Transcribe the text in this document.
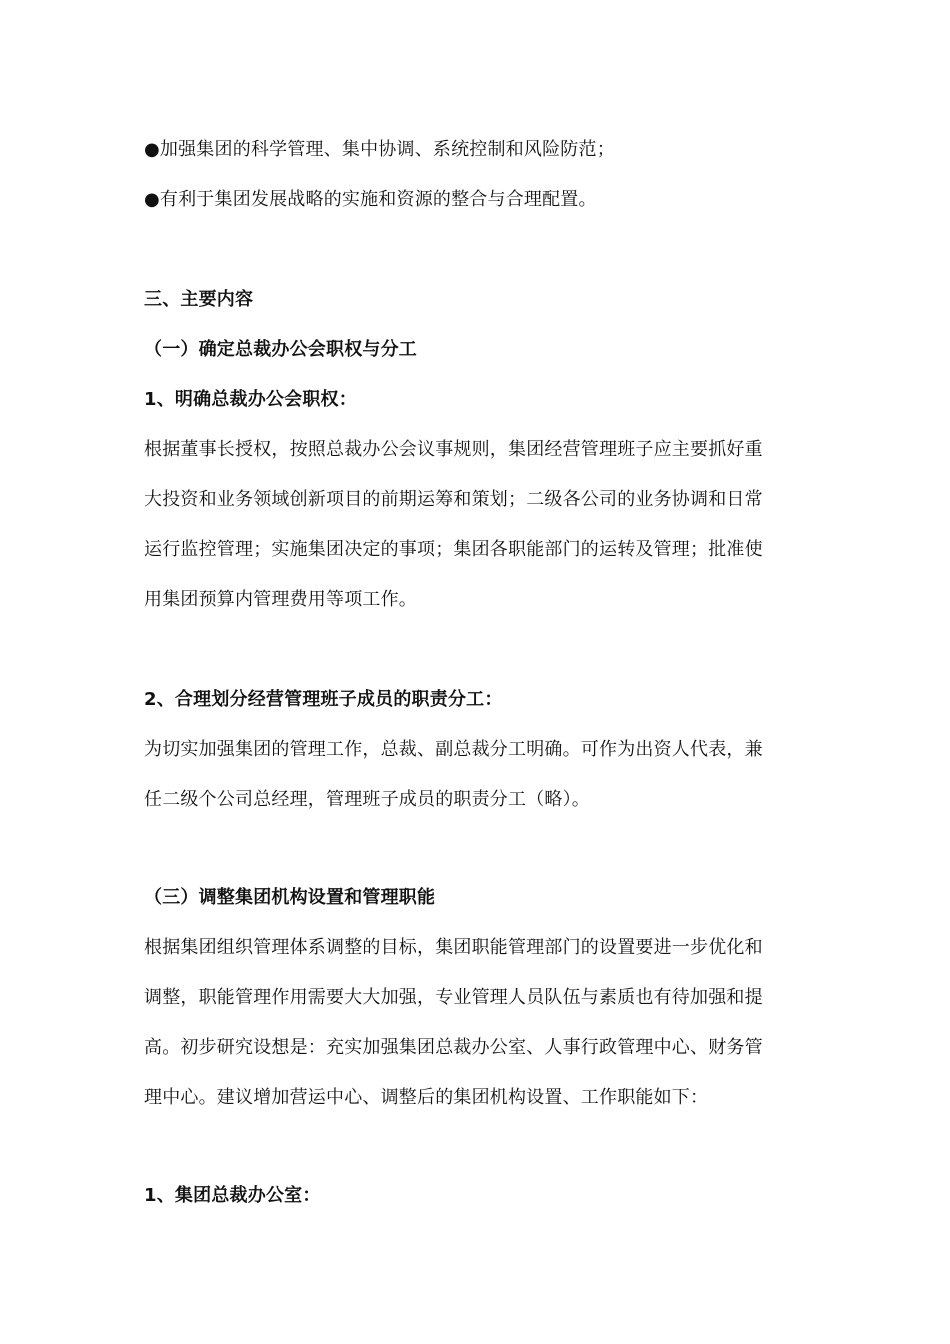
●加强集团的科学管理、集中协调、系统控制和风险防范；
●有利于集团发展战略的实施和资源的整合与合理配置。
三、主要内容
（一）确定总裁办公会职权与分工
1、明确总裁办公会职权：
根据董事长授权，按照总裁办公会议事规则，集团经营管理班子应主要抓好重
大投资和业务领域创新项目的前期运筹和策划；二级各公司的业务协调和日常
运行监控管理；实施集团决定的事项；集团各职能部门的运转及管理；批准使
用集团预算内管理费用等项工作。
2、合理划分经营管理班子成员的职责分工：
为切实加强集团的管理工作，总裁、副总裁分工明确。可作为出资人代表，兼
任二级个公司总经理，管理班子成员的职责分工（略）。
（三）调整集团机构设置和管理职能
根据集团组织管理体系调整的目标，集团职能管理部门的设置要进一步优化和
调整，职能管理作用需要大大加强，专业管理人员队伍与素质也有待加强和提
高。初步研究设想是：充实加强集团总裁办公室、人事行政管理中心、财务管
理中心。建议增加营运中心、调整后的集团机构设置、工作职能如下：
1、集团总裁办公室：
